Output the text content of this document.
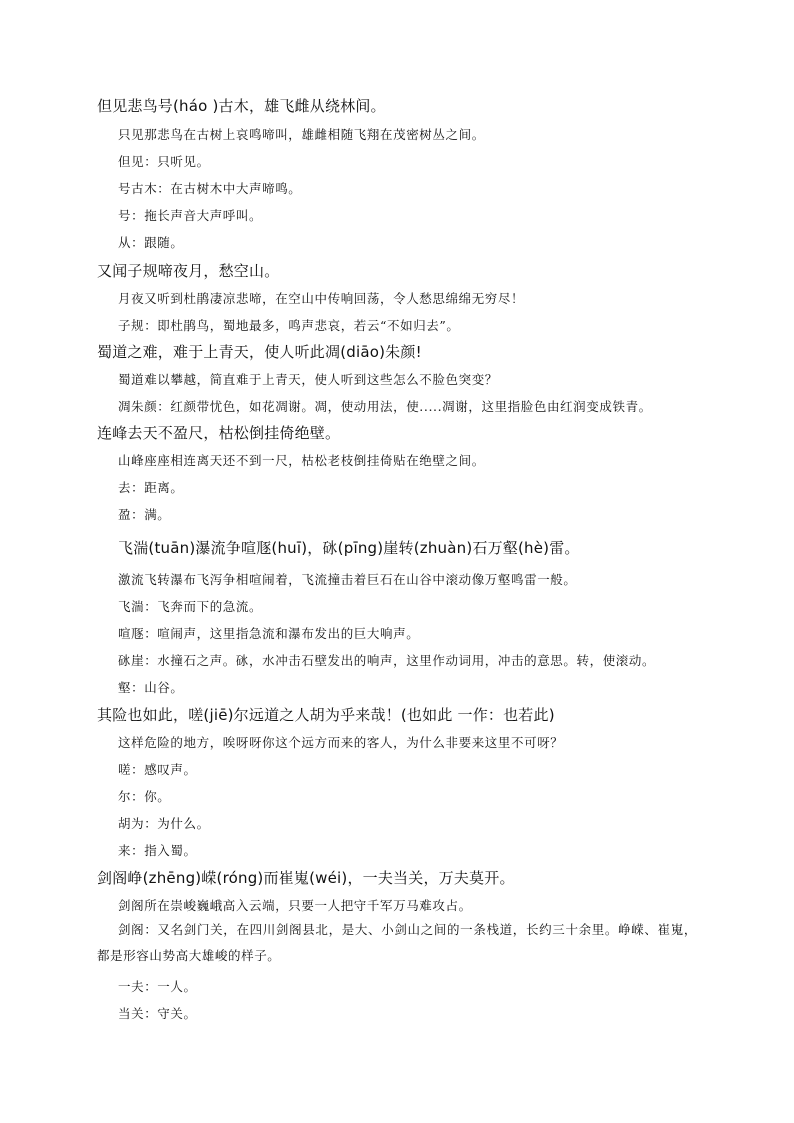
但见悲鸟号(háo )古木，雄飞雌从绕林间。
只见那悲鸟在古树上哀鸣啼叫，雄雌相随飞翔在茂密树丛之间。
但见：只听见。
号古木：在古树木中大声啼鸣。
号：拖长声音大声呼叫。
从：跟随。
又闻子规啼夜月，愁空山。
月夜又听到杜鹃凄凉悲啼，在空山中传响回荡，令人愁思绵绵无穷尽！
子规：即杜鹃鸟，蜀地最多，鸣声悲哀，若云“不如归去”。
蜀道之难，难于上青天，使人听此凋(diāo)朱颜!
蜀道难以攀越，简直难于上青天，使人听到这些怎么不脸色突变？
凋朱颜：红颜带忧色，如花凋谢。凋，使动用法，使.....凋谢，这里指脸色由红润变成铁青。
连峰去天不盈尺，枯松倒挂倚绝壁。
山峰座座相连离天还不到一尺，枯松老枝倒挂倚贴在绝壁之间。
去：距离。
盈：满。
飞湍(tuān)瀑流争喧豗(huī)，砯(pīng)崖转(zhuàn)石万壑(hè)雷。
激流飞转瀑布飞泻争相喧闹着，飞流撞击着巨石在山谷中滚动像万壑鸣雷一般。
飞湍：飞奔而下的急流。
喧豗：喧闹声，这里指急流和瀑布发出的巨大响声。
砯崖：水撞石之声。砯，水冲击石壁发出的响声，这里作动词用，冲击的意思。转，使滚动。
壑：山谷。
其险也如此，嗟(jiē)尔远道之人胡为乎来哉！(也如此 一作：也若此)
这样危险的地方，唉呀呀你这个远方而来的客人，为什么非要来这里不可呀？
嗟：感叹声。
尔：你。
胡为：为什么。
来：指入蜀。
剑阁峥(zhēng)嵘(róng)而崔嵬(wéi)，一夫当关，万夫莫开。
剑阁所在崇峻巍峨高入云端，只要一人把守千军万马难攻占。
剑阁：又名剑门关，在四川剑阁县北，是大、小剑山之间的一条栈道，长约三十余里。峥嵘、崔嵬，都是形容山势高大雄峻的样子。
一夫：一人。
当关：守关。
